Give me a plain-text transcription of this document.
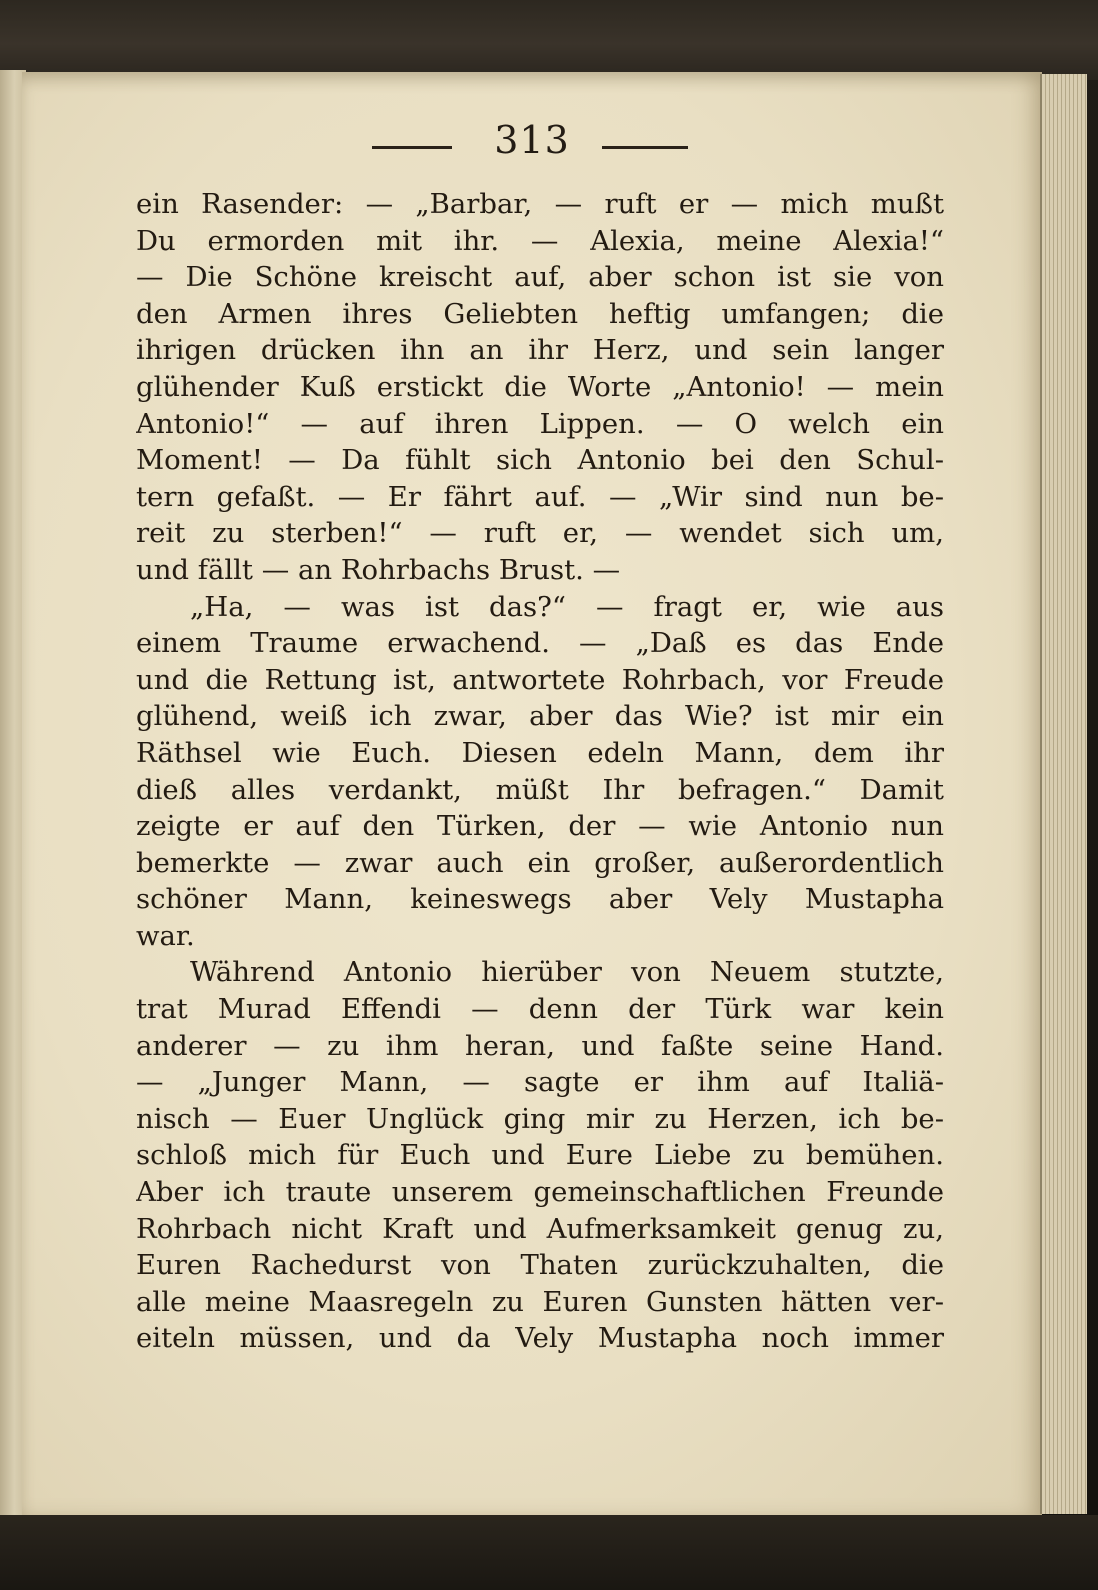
313
ein Rasender: — „Barbar, — ruft er — mich mußt
Du ermorden mit ihr. — Alexia, meine Alexia!“
— Die Schöne kreischt auf, aber schon ist sie von
den Armen ihres Geliebten heftig umfangen; die
ihrigen drücken ihn an ihr Herz, und sein langer
glühender Kuß erstickt die Worte „Antonio! — mein
Antonio!“ — auf ihren Lippen. — O welch ein
Moment! — Da fühlt sich Antonio bei den Schul-
tern gefaßt. — Er fährt auf. — „Wir sind nun be-
reit zu sterben!“ — ruft er, — wendet sich um,
und fällt — an Rohrbachs Brust. —
„Ha, — was ist das?“ — fragt er, wie aus
einem Traume erwachend. — „Daß es das Ende
und die Rettung ist, antwortete Rohrbach, vor Freude
glühend, weiß ich zwar, aber das Wie? ist mir ein
Räthsel wie Euch. Diesen edeln Mann, dem ihr
dieß alles verdankt, müßt Ihr befragen.“ Damit
zeigte er auf den Türken, der — wie Antonio nun
bemerkte — zwar auch ein großer, außerordentlich
schöner Mann, keineswegs aber Vely Mustapha
war.
Während Antonio hierüber von Neuem stutzte,
trat Murad Effendi — denn der Türk war kein
anderer — zu ihm heran, und faßte seine Hand.
— „Junger Mann, — sagte er ihm auf Italiä-
nisch — Euer Unglück ging mir zu Herzen, ich be-
schloß mich für Euch und Eure Liebe zu bemühen.
Aber ich traute unserem gemeinschaftlichen Freunde
Rohrbach nicht Kraft und Aufmerksamkeit genug zu,
Euren Rachedurst von Thaten zurückzuhalten, die
alle meine Maasregeln zu Euren Gunsten hätten ver-
eiteln müssen, und da Vely Mustapha noch immer
